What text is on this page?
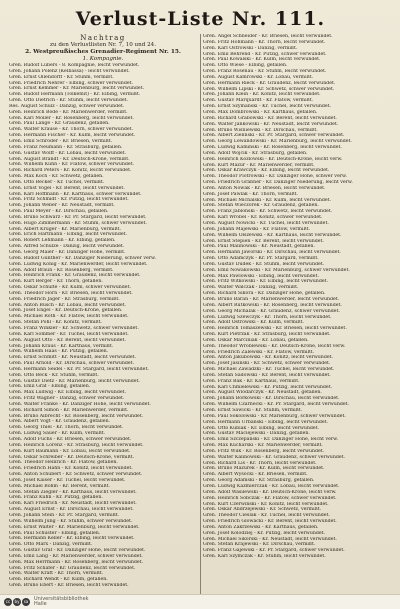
Verlust-Liste Nr. 111.

Nachtrag

zu den Verlustlisten Nr. 7, 10 und 24.

2. Westpreußisches Grenadier-Regiment Nr. 15.

1. Kompagnie.

Gren. Rudolf Lubers - 8. Kompagnie, leicht verwundet.

Gren. Johann Polenz (Kelbassa) - leicht verwundet.

Gren. Ernst Ollendorff - Kr. Stuhm, vermißt.

Gren. Friedrich Nehrer - Elbing, schwer verwundet.

Gren. Ernst Kemmer - Kr. Marienburg, leicht verwundet.

Gren. Rudolf Hermann (Tolkemit) - Kr. Elbing, vermißt.

Gren. Otto Dietrich - Kr. Stuhm, leicht verwundet.

Res. August Schulz - Danzig, schwer verwundet.

Gren. Heinrich Bode - Kr. Marienwerder, vermißt.

Gren. Karl Möller - Kr. Rosenberg, leicht verwundet.

Gren. Paul Lange - Kr. Graudenz, gefallen.

Gren. Walter Krause - Kr. Thorn, schwer verwundet.

Gren. Hermann Fischer - Kr. Kulm, leicht verwundet.

Gren. Emil Schröder - Kr. Briesen, vermißt.

Gren. Franz Neumann - Kr. Strasburg, gefallen.

Gren. Gustav Wolff - Kr. Löbau, leicht verwundet.

Gren. August Brandt - Kr. Deutsch-Krone, vermißt.

Gren. Wilhelm Kühn - Kr. Flatow, schwer verwundet.

Gren. Richard Peters - Kr. Konitz, leicht verwundet.

Gren. Max Koch - Kr. Schwetz, gefallen.

Gren. Otto Becker - Kr. Tuchel, vermißt.

Gren. Ernst Vogel - Kr. Berent, leicht verwundet.

Gren. Karl Hoffmann - Kr. Karthaus, schwer verwundet.

Gren. Fritz Schmidt - Kr. Putzig, leicht verwundet.

Gren. Johann Weber - Kr. Neustadt, vermißt.

Gren. Paul Meyer - Kr. Dirschau, gefallen.

Gren. Bruno Schwarz - Kr. Pr. Stargard, leicht verwundet.

Gren. Hugo Zimmermann - Kr. Stuhm, schwer verwundet.

Gren. Albert Krüger - Kr. Marienburg, vermißt.

Gren. Erich Hartmann - Elbing, leicht verwundet.

Gren. Robert Lehmann - Kr. Elbing, gefallen.

Gren. Alfred Schulze - Danzig, leicht verwundet.

Gren. Georg Maier - Kr. Danziger Höhe, vermißt.

Gren. Rudolf Günther - Kr. Danziger Niederung, schwer verw.

Gren. Ludwig König - Kr. Marienwerder, leicht verwundet.

Gren. Adolf Braun - Kr. Rosenberg, vermißt.

Gren. Heinrich Frank - Kr. Graudenz, leicht verwundet.

Gren. Kurt Berger - Kr. Thorn, gefallen.

Gren. Oskar Schulte - Kr. Kulm, schwer verwundet.

Gren. Theodor Horn - Kr. Briesen, leicht verwundet.

Gren. Friedrich Jäger - Kr. Strasburg, vermißt.

Gren. Anton Busch - Kr. Löbau, leicht verwundet.

Gren. Josef Engel - Kr. Deutsch-Krone, gefallen.

Gren. Michael Roth - Kr. Flatow, leicht verwundet.

Gren. Stefan Pohl - Kr. Konitz, vermißt.

Gren. Franz Winkler - Kr. Schwetz, schwer verwundet.

Gren. Karl Sommer - Kr. Tuchel, leicht verwundet.

Gren. August Otto - Kr. Berent, leicht verwundet.

Gren. Johann Kraus - Kr. Karthaus, vermißt.

Gren. Wilhelm Haas - Kr. Putzig, gefallen.

Gren. Ernst Schmitt - Kr. Neustadt, leicht verwundet.

Gren. Paul Arnold - Kr. Dirschau, schwer verwundet.

Gren. Hermann Seidel - Kr. Pr. Stargard, leicht verwundet.

Gren. Otto Beck - Kr. Stuhm, vermißt.

Gren. Gustav Dietz - Kr. Marienburg, leicht verwundet.

Gren. Emil Graf - Elbing, gefallen.

Gren. Max Ludwig - Kr. Elbing, leicht verwundet.

Gren. Fritz Wagner - Danzig, schwer verwundet.

Gren. Walter Franke - Kr. Danziger Höhe, leicht verwundet.

Gren. Richard Simon - Kr. Marienwerder, vermißt.

Gren. Bruno Albrecht - Kr. Rosenberg, leicht verwundet.

Gren. Albert Vogt - Kr. Graudenz, gefallen.

Gren. Georg Thiel - Kr. Thorn, leicht verwundet.

Gren. Ludwig Sauer - Kr. Kulm, vermißt.

Gren. Adolf Fuchs - Kr. Briesen, schwer verwundet.

Gren. Heinrich Lorenz - Kr. Strasburg, leicht verwundet.

Gren. Kurt Baumann - Kr. Löbau, leicht verwundet.

Gren. Oskar Schreiber - Kr. Deutsch-Krone, vermißt.

Gren. Theodor Heinrich - Kr. Flatow, gefallen.

Gren. Friedrich Hahn - Kr. Konitz, leicht verwundet.

Gren. Anton Schubert - Kr. Schwetz, schwer verwundet.

Gren. Josef Kaiser - Kr. Tuchel, leicht verwundet.

Gren. Michael Böhm - Kr. Berent, vermißt.

Gren. Stefan Ziegler - Kr. Karthaus, leicht verwundet.

Gren. Franz Kuhn - Kr. Putzig, gefallen.

Gren. Karl Friedrich - Kr. Neustadt, leicht verwundet.

Gren. August Ernst - Kr. Dirschau, leicht verwundet.

Gren. Johann Stein - Kr. Pr. Stargard, vermißt.

Gren. Wilhelm Jung - Kr. Stuhm, schwer verwundet.

Gren. Ernst Walter - Kr. Marienburg, leicht verwundet.

Gren. Paul Schuster - Elbing, gefallen.

Gren. Hermann Keller - Kr. Elbing, leicht verwundet.

Gren. Otto Marx - Danzig, vermißt.

Gren. Gustav Graf - Kr. Danziger Höhe, leicht verwundet.

Gren. Emil Lang - Kr. Marienwerder, schwer verwundet.

Gren. Max Herrmann - Kr. Rosenberg, leicht verwundet.

Gren. Fritz Schäfer - Kr. Graudenz, leicht verwundet.

Gren. Walter Kraft - Kr. Thorn, vermißt.

Gren. Richard Wendt - Kr. Kulm, gefallen.

Gren. Bruno Ebert - Kr. Briesen, leicht verwundet.

Gren. Angel Schneider - Kr. Briesen, leicht verwundet.

Gren. Fritz Hohmann - Kr. Thorn, leicht verwundet.

Gren. Karl Ostrowski - Danzig, vermißt.

Gren. Emil Behrend - Kr. Putzig, schwer verwundet.

Gren. Paul Kowalski - Kr. Kulm, leicht verwundet.

Gren. Otto Wiese - Elbing, gefallen.

Gren. Franz Rosenau - Kr. Stuhm, leicht verwundet.

Gren. August Kamrowski - Kr. Löbau, vermißt.

Gren. Hermann Rieck - Kr. Graudenz, leicht verwundet.

Gren. Wilhelm Lipski - Kr. Schwetz, schwer verwundet.

Gren. Johann Klein - Kr. Konitz, leicht verwundet.

Gren. Gustav Marquardt - Kr. Flatow, vermißt.

Gren. Ernst Szymanski - Kr. Tuchel, leicht verwundet.

Gren. Max Dombrowski - Kr. Karthaus, gefallen.

Gren. Richard Grabowski - Kr. Berent, leicht verwundet.

Gren. Walter Jankowski - Kr. Neustadt, leicht verwundet.

Gren. Bruno Wisniewski - Kr. Dirschau, vermißt.

Gren. Albert Zielinski - Kr. Pr. Stargard, schwer verwundet.

Gren. Georg Lewandowski - Kr. Marienburg, leicht verwundet.

Gren. Ludwig Kaminski - Kr. Rosenberg, leicht verwundet.

Gren. Adolf Wojcik - Kr. Strasburg, gefallen.

Gren. Heinrich Kozlowski - Kr. Deutsch-Krone, leicht verw.

Gren. Kurt Mazur - Kr. Marienwerder, vermißt.

Gren. Oskar Krawczyk - Kr. Elbing, leicht verwundet.

Gren. Theodor Piotrowski - Kr. Danziger Höhe, schwer verw.

Gren. Friedrich Grabner - Kr. Danziger Niederung, leicht verw.

Gren. Anton Nowak - Kr. Briesen, leicht verwundet.

Gren. Josef Pawlak - Kr. Thorn, vermißt.

Gren. Michael Michalski - Kr. Kulm, leicht verwundet.

Gren. Stefan Wieczorek - Kr. Graudenz, gefallen.

Gren. Franz Jablonski - Kr. Schwetz, leicht verwundet.

Gren. Karl Wróbel - Kr. Konitz, schwer verwundet.

Gren. August Nowicki - Kr. Tuchel, leicht verwundet.

Gren. Johann Majewski - Kr. Flatow, vermißt.

Gren. Wilhelm Olszewski - Kr. Karthaus, leicht verwundet.

Gren. Ernst Stepien - Kr. Berent, leicht verwundet.

Gren. Paul Malinowski - Kr. Neustadt, gefallen.

Gren. Hermann Jaworski - Kr. Dirschau, leicht verwundet.

Gren. Otto Adamczyk - Kr. Pr. Stargard, vermißt.

Gren. Gustav Dudek - Kr. Stuhm, leicht verwundet.

Gren. Emil Nowakowski - Kr. Marienburg, schwer verwundet.

Gren. Max Pawlowski - Elbing, leicht verwundet.

Gren. Fritz Witkowski - Kr. Elbing, leicht verwundet.

Gren. Walter Walczak - Danzig, vermißt.

Gren. Richard Sikora - Kr. Danziger Höhe, gefallen.

Gren. Bruno Baran - Kr. Marienwerder, leicht verwundet.

Gren. Albert Rutkowski - Kr. Rosenberg, leicht verwundet.

Gren. Georg Michalak - Kr. Graudenz, schwer verwundet.

Gren. Ludwig Szewczyk - Kr. Thorn, leicht verwundet.

Gren. Adolf Ostrowski - Kr. Kulm, vermißt.

Gren. Heinrich Tomaszewski - Kr. Briesen, leicht verwundet.

Gren. Kurt Pietrzak - Kr. Strasburg, leicht verwundet.

Gren. Oskar Marciniak - Kr. Löbau, gefallen.

Gren. Theodor Wróblewski - Kr. Deutsch-Krone, leicht verw.

Gren. Friedrich Zalewski - Kr. Flatow, vermißt.

Gren. Anton Jakubowski - Kr. Konitz, leicht verwundet.

Gren. Josef Jasinski - Kr. Schwetz, schwer verwundet.

Gren. Michael Zawadzki - Kr. Tuchel, leicht verwundet.

Gren. Stefan Sadowski - Kr. Berent, leicht verwundet.

Gren. Franz Bak - Kr. Karthaus, vermißt.

Gren. Karl Chmielewski - Kr. Putzig, leicht verwundet.

Gren. August Wlodarczyk - Kr. Neustadt, gefallen.

Gren. Johann Borkowski - Kr. Dirschau, leicht verwundet.

Gren. Wilhelm Czarnecki - Kr. Pr. Stargard, leicht verwundet.

Gren. Ernst Sawicki - Kr. Stuhm, vermißt.

Gren. Paul Sokolowski - Kr. Marienburg, schwer verwundet.

Gren. Hermann Urbanski - Elbing, leicht verwundet.

Gren. Otto Kubiak - Kr. Elbing, leicht verwundet.

Gren. Gustav Maciejewski - Danzig, gefallen.

Gren. Emil Szczepanski - Kr. Danziger Höhe, leicht verw.

Gren. Max Kucharski - Kr. Marienwerder, vermißt.

Gren. Fritz Wilk - Kr. Rosenberg, leicht verwundet.

Gren. Walter Kalinowski - Kr. Graudenz, schwer verwundet.

Gren. Richard Lis - Kr. Thorn, leicht verwundet.

Gren. Bruno Mazurek - Kr. Kulm, leicht verwundet.

Gren. Albert Wysocki - Kr. Briesen, vermißt.

Gren. Georg Adamski - Kr. Strasburg, gefallen.

Gren. Ludwig Kazmierczak - Kr. Löbau, leicht verwundet.

Gren. Adolf Wasilewski - Kr. Deutsch-Krone, leicht verw.

Gren. Heinrich Sobczak - Kr. Flatow, schwer verwundet.

Gren. Kurt Czerwinski - Kr. Konitz, leicht verwundet.

Gren. Oskar Andrzejewski - Kr. Schwetz, vermißt.

Gren. Theodor Cieslak - Kr. Tuchel, leicht verwundet.

Gren. Friedrich Glowacki - Kr. Berent, leicht verwundet.

Gren. Anton Zakrzewski - Kr. Karthaus, gefallen.

Gren. Josef Kolodziej - Kr. Putzig, leicht verwundet.

Gren. Michael Sikorski - Kr. Neustadt, leicht verwundet.

Gren. Stefan Krajewski - Kr. Dirschau, vermißt.

Gren. Franz Gajewski - Kr. Pr. Stargard, schwer verwundet.

Gren. Karl Szymczak - Kr. Stuhm, leicht verwundet.

cc	by	sa	Universitätsbibliothek
Halle
